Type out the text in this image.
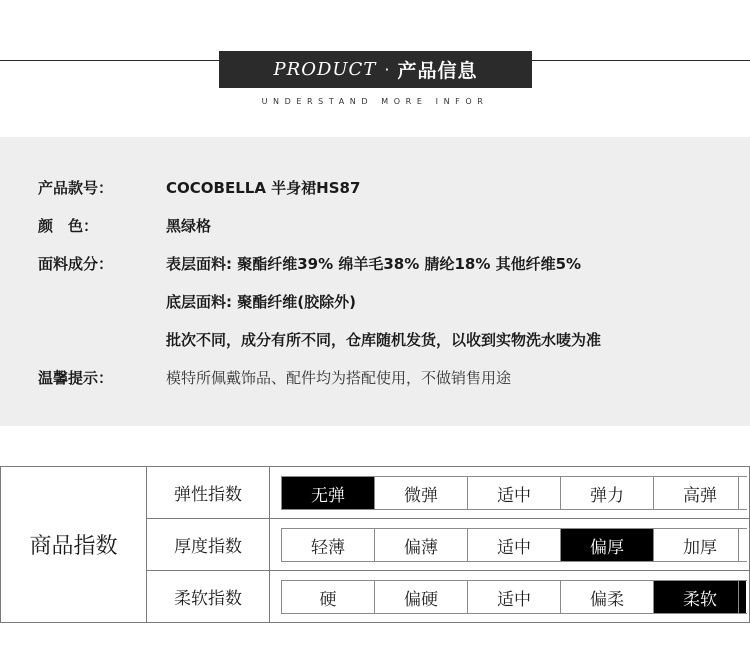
PRODUCT · 产品信息
UNDERSTAND MORE INFOR
产品款号：	COCOBELLA 半身裙HS87
颜　色：	黑绿格
面料成分：	表层面料: 聚酯纤维39% 绵羊毛38% 腈纶18% 其他纤维5%
底层面料: 聚酯纤维(胶除外)
批次不同，成分有所不同，仓库随机发货，以收到实物洗水唛为准
温馨提示：	模特所佩戴饰品、配件均为搭配使用，不做销售用途
商品指数
弹性指数	无弹	微弹	适中	弹力	高弹
厚度指数	轻薄	偏薄	适中	偏厚	加厚
柔软指数	硬	偏硬	适中	偏柔	柔软
